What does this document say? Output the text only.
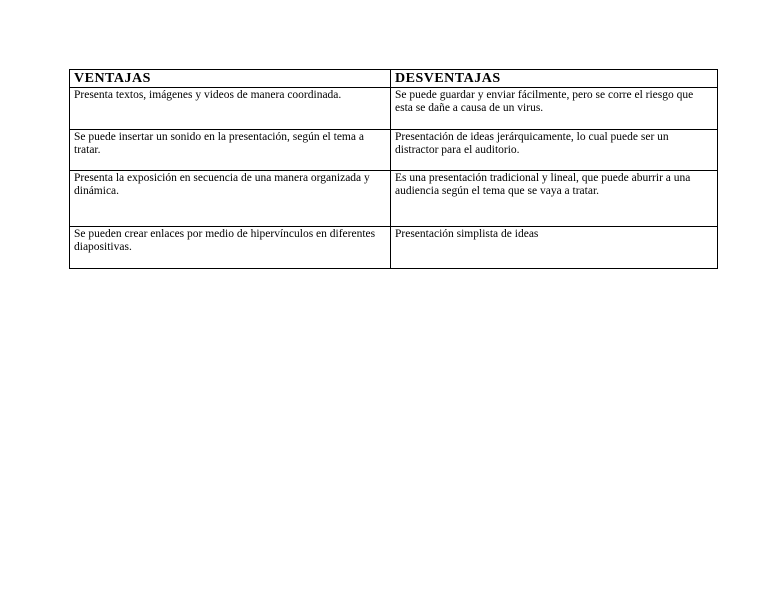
VENTAJAS	DESVENTAJAS
Presenta textos, imágenes y videos de manera coordinada.	Se puede guardar y enviar fácilmente, pero se corre el riesgo que esta se dañe a causa de un virus.
Se puede insertar un sonido en la presentación, según el tema a tratar.	Presentación de ideas jerárquicamente, lo cual puede ser un distractor para el auditorio.
Presenta la exposición en secuencia de una manera organizada y dinámica.	Es una presentación tradicional y lineal, que puede aburrir a una audiencia según el tema que se vaya a tratar.
Se pueden crear enlaces por medio de hipervínculos en diferentes diapositivas.	Presentación simplista de ideas
